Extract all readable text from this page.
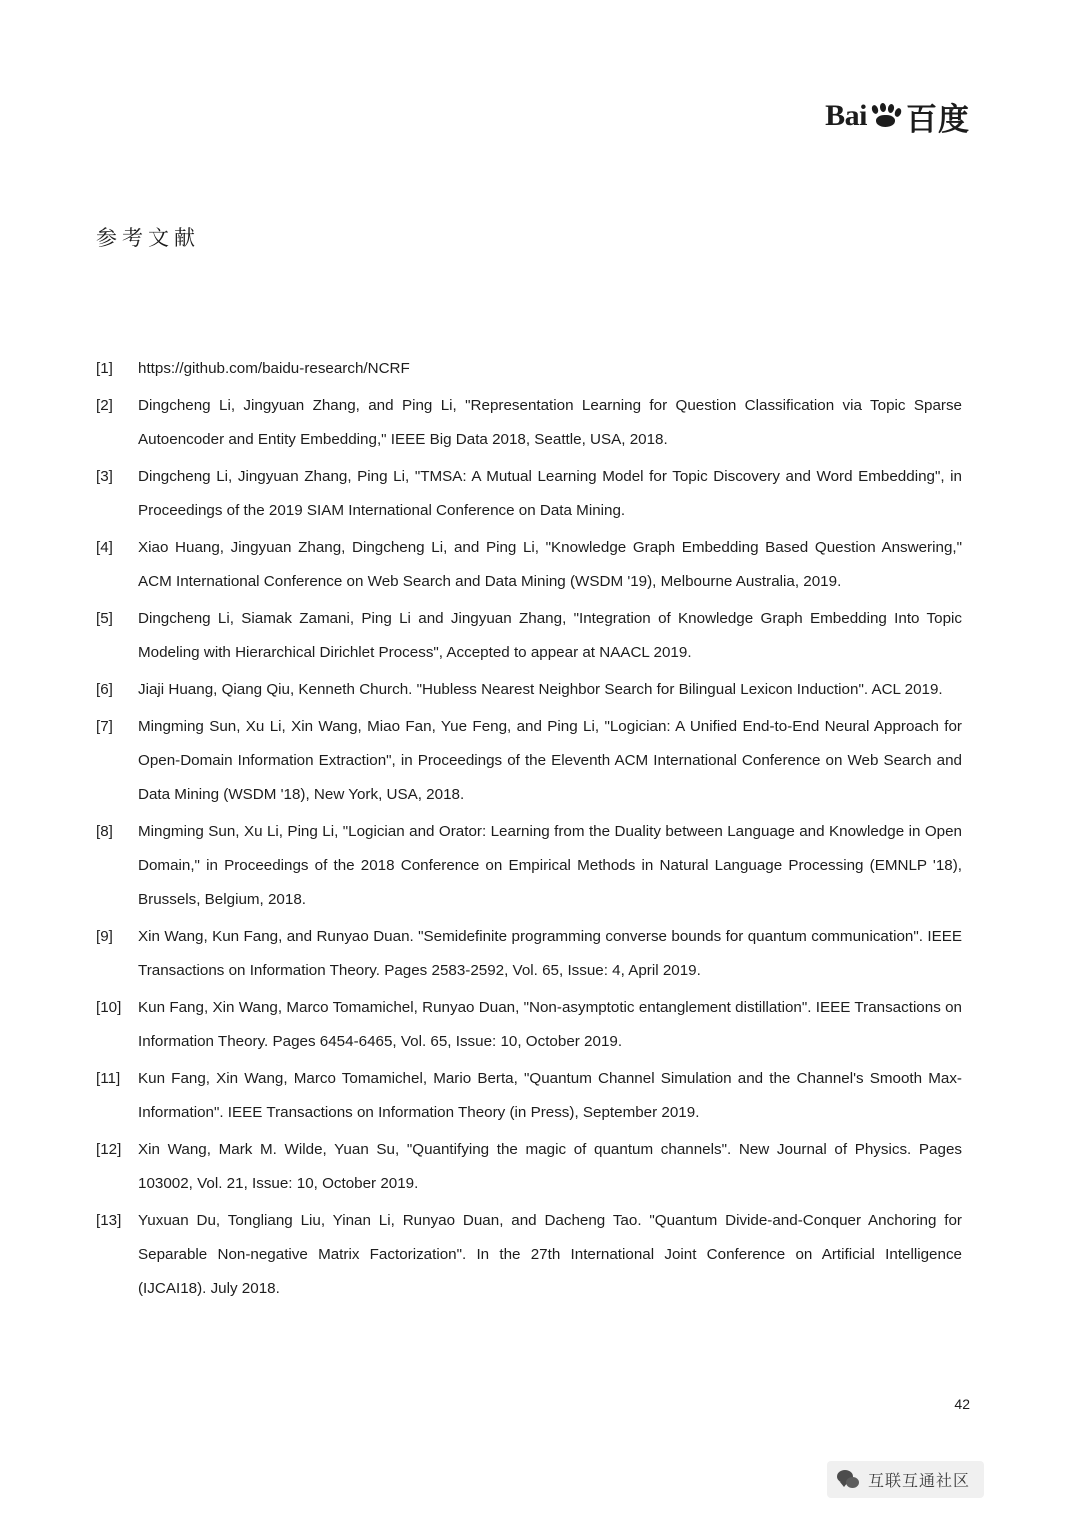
Bai 百度
参考文献
[1]	https://github.com/baidu-research/NCRF
[2]	Dingcheng Li, Jingyuan Zhang, and Ping Li, "Representation Learning for Question Classification via Topic Sparse Autoencoder and Entity Embedding," IEEE Big Data 2018, Seattle, USA, 2018.
[3]	Dingcheng Li, Jingyuan Zhang, Ping Li, "TMSA: A Mutual Learning Model for Topic Discovery and Word Embedding", in Proceedings of the 2019 SIAM International Conference on Data Mining.
[4]	Xiao Huang, Jingyuan Zhang, Dingcheng Li, and Ping Li, "Knowledge Graph Embedding Based Question Answering," ACM International Conference on Web Search and Data Mining (WSDM '19), Melbourne Australia, 2019.
[5]	Dingcheng Li, Siamak Zamani, Ping Li and Jingyuan Zhang, "Integration of Knowledge Graph Embedding Into Topic Modeling with Hierarchical Dirichlet Process", Accepted to appear at NAACL 2019.
[6]	Jiaji Huang, Qiang Qiu, Kenneth Church. "Hubless Nearest Neighbor Search for Bilingual Lexicon Induction". ACL 2019.
[7]	Mingming Sun, Xu Li, Xin Wang, Miao Fan, Yue Feng, and Ping Li, "Logician: A Unified End-to-End Neural Approach for Open-Domain Information Extraction", in Proceedings of the Eleventh ACM International Conference on Web Search and Data Mining (WSDM '18), New York, USA, 2018.
[8]	Mingming Sun, Xu Li, Ping Li, "Logician and Orator: Learning from the Duality between Language and Knowledge in Open Domain," in Proceedings of the 2018 Conference on Empirical Methods in Natural Language Processing (EMNLP '18), Brussels, Belgium, 2018.
[9]	Xin Wang, Kun Fang, and Runyao Duan. "Semidefinite programming converse bounds for quantum communication". IEEE Transactions on Information Theory. Pages 2583-2592, Vol. 65, Issue: 4, April 2019.
[10]	Kun Fang, Xin Wang, Marco Tomamichel, Runyao Duan, "Non-asymptotic entanglement distillation". IEEE Transactions on Information Theory. Pages 6454-6465, Vol. 65, Issue: 10, October 2019.
[11]	Kun Fang, Xin Wang, Marco Tomamichel, Mario Berta, "Quantum Channel Simulation and the Channel's Smooth Max-Information". IEEE Transactions on Information Theory (in Press), September 2019.
[12]	Xin Wang, Mark M. Wilde, Yuan Su, "Quantifying the magic of quantum channels". New Journal of Physics. Pages 103002, Vol. 21, Issue: 10, October 2019.
[13]	Yuxuan Du, Tongliang Liu, Yinan Li, Runyao Duan, and Dacheng Tao. "Quantum Divide-and-Conquer Anchoring for Separable Non-negative Matrix Factorization". In the 27th International Joint Conference on Artificial Intelligence (IJCAI18). July 2018.
42
互联互通社区
